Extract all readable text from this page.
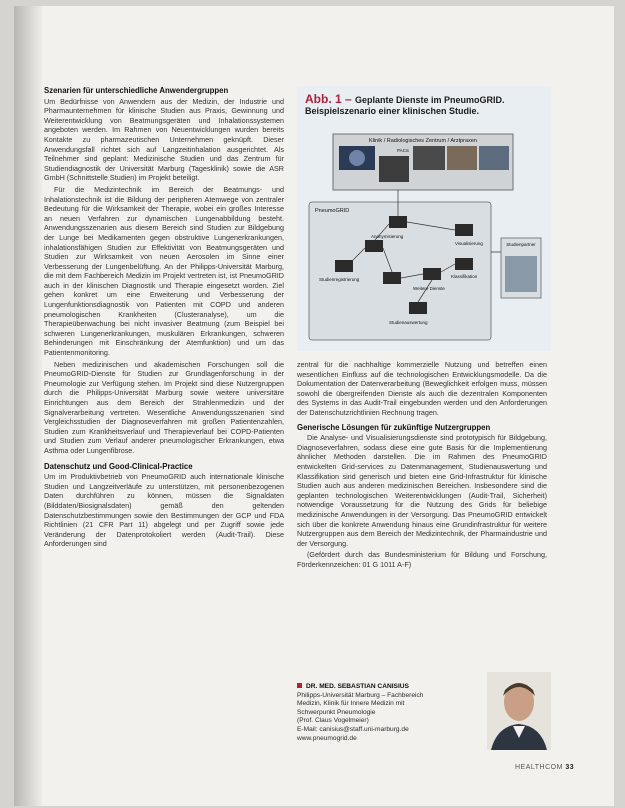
Szenarien für unterschiedliche Anwendergruppen
Um Bedürfnisse von Anwendern aus der Medizin, der Industrie und Pharmaunternehmen für klinische Studien aus Praxis, Gewinnung und Weiterentwicklung von Beatmungsgeräten und Inhalationssystemen angeboten werden. Im Rahmen von Neuentwicklungen wurden bereits Kontakte zu pharmazeutischen Unternehmen geknüpft. Dieser Anwendungsfall richtet sich auf Langzeitinhalation ausgerichtet. Als Teilnehmer sind geplant: Medizinische Studien und das Zentrum für Studiendiagnostik der Universität Marburg (Tagesklinik) sowie die ASR GmbH (Schnittstelle Studien) im Projekt beteiligt.
Für die Medizintechnik im Bereich der Beatmungs- und Inhalationstechnik ist die Bildung der peripheren Atemwege von zentraler Bedeutung für die Wirksamkeit der Therapie, wobei ein großes Interesse an neuen Verfahren zur dynamischen Lungenabbildung besteht. Anwendungsszenarien aus diesem Bereich sind Studien zur Bildgebung der Lunge bei Medikamenten gegen obstruktive Lungenerkrankungen, inhalationsfähigen Studien zur Effektivität von Beatmungsgeräten und Studien zur Wirksamkeit von neuen Aerosolen im Sinne einer Verbesserung der Lungenbelüftung. An der Philipps-Universität Marburg, die mit dem Fachbereich Medizin im Projekt vertreten ist, ist PneumoGRID auch in der klinischen Diagnostik und Therapie eingesetzt worden. Ziel gehen konkret um eine Erweiterung und Verbesserung der Lungenfunktionsdiagnostik von Patienten mit COPD und anderen pneumologischen Krankheiten (Clusteranalyse), um die Therapieüberwachung bei nicht invasiver Beatmung (zum Beispiel bei schweren Lungenerkrankungen, muskulären Erkrankungen, schweren Behinderungen mit Einschränkung der Atemfunktion) und um das Patientenmonitoring.
Neben medizinischen und akademischen Forschungen soll die PneumoGRID-Dienste für Studien zur Grundlagenforschung in der Pneumologie zur Verfügung stehen. Im Projekt sind diese Nutzergruppen durch die Philipps-Universität Marburg sowie weitere universitäre Einrichtungen aus dem Bereich der Strahlenmedizin und der Signalverarbeitung vertreten. Wesentliche Anwendungsszenarien sind Vergleichsstudien der Diagnoseverfahren mit großen Patientenzahlen, Studien zum Krankheitsverlauf und Therapieverlauf bei COPD-Patienten und Studien zum Verlauf anderer pneumologischer Erkrankungen, etwa Asthma oder Lungenfibrose.
Datenschutz und Good-Clinical-Practice
Um im Produktivbetrieb von PneumoGRID auch internationale klinische Studien und Langzeitverläufe zu unterstützen, mit personenbezogenen Daten durchführen zu können, müssen die Signaldaten (Bilddaten/Biosignalsdaten) gemäß den geltenden Datenschutzbestimmungen sowie den Bestimmungen der GCP und FDA Richtlinien (21 CFR Part 11) abgelegt und per Zugriff sowie jede Veränderung der Datenprotokoliert werden (Audit-Trail). Diese Anforderungen sind
Abb. 1 – Geplante Dienste im PneumoGRID. Beispielszenario einer klinischen Studie.
Klinik / Radiologisches Zentrum / Arztpraxen
PACS
PneumoGRID
Visualisierung
Anonymisierung
Studienregistrierung
Weitere Dienste
Klassifikation
Studienauswertung
Studienpartner
zentral für die nachhaltige kommerzielle Nutzung und betreffen einen wesentlichen Einfluss auf die technologischen Entwicklungsmodelle. Da die Dokumentation der Datenverarbeitung (Beweglichkeit erfolgen muss, müssen sowohl die übergreifenden Dienste als auch die dezentralen Komponenten des Systems in das Audit-Trail eingebunden werden und den Anforderungen der Datenschutzrichtlinien Rechnung tragen.
Generische Lösungen für zukünftige Nutzergruppen
Die Analyse- und Visualisierungsdienste sind prototypisch für Bildgebung, Diagnoseverfahren, sodass diese eine gute Basis für die Implementierung ähnlicher Methoden darstellen. Die im Rahmen des PneumoGRID entwickelten Grid-services zu Datenmanagement, Studienauswertung und Klassifikation sind generisch und bieten eine Grid-Infrastruktur für klinische Studien auch aus anderen medizinischen Bereichen. Insbesondere sind die geplanten technologischen Weiterentwicklungen (Audit-Trail, Sicherheit) notwendige Voraussetzung für die Nutzung des Grids für beliebige medizinische Anwendungen in der Versorgung. Das PneumoGRID entwickelt sich über die konkrete Anwendung hinaus eine Grundinfrastruktur für weitere Nutzergruppen aus dem Bereich der Medizintechnik, der Pharmaindustrie und der Versorgung.
(Gefördert durch das Bundesministerium für Bildung und Forschung, Förderkennzeichen: 01 G 1011 A-F)
DR. MED. SEBASTIAN CANISIUS
Philipps-Universität Marburg – Fachbereich
Medizin, Klinik für Innere Medizin mit
Schwerpunkt Pneumologie
(Prof. Claus Vogelmeier)
E-Mail: canisius@staff.uni-marburg.de
www.pneumogrid.de
HEALTHCOM 33
